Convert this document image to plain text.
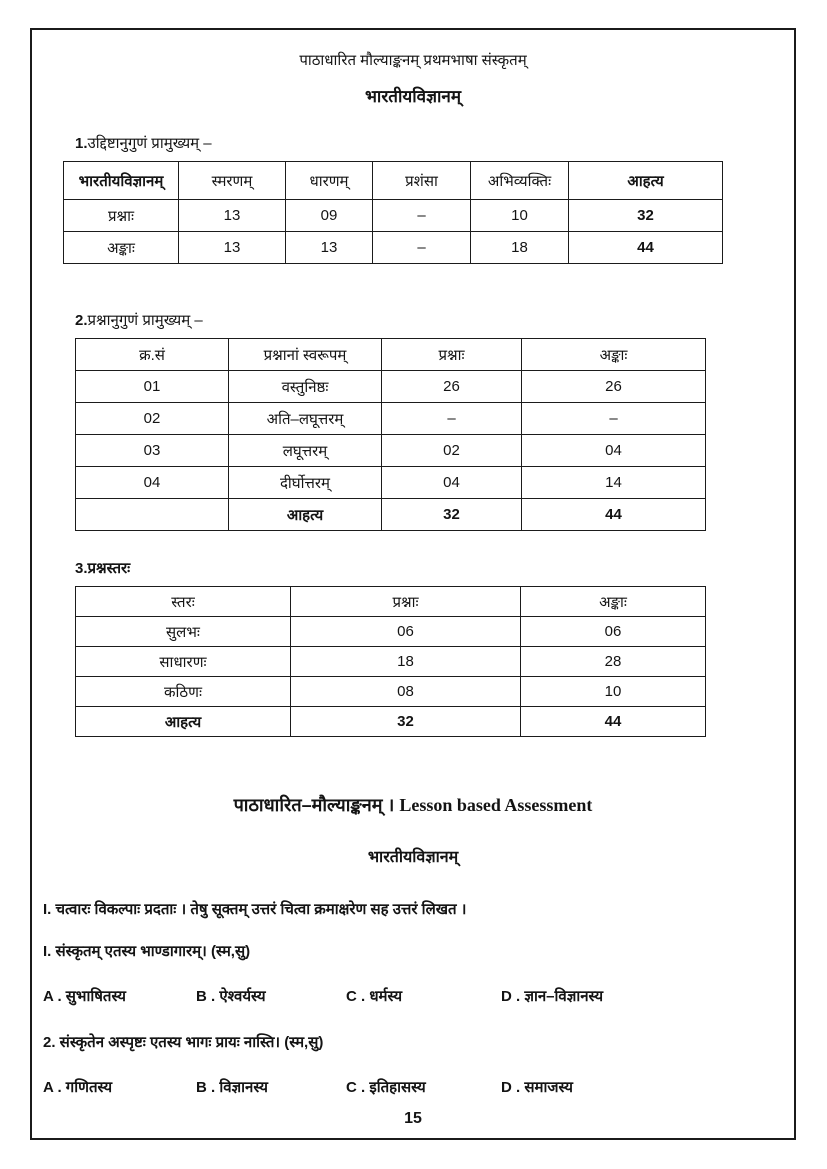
पाठाधारित मौल्याङ्कनम् प्रथमभाषा संस्कृतम्
भारतीयविज्ञानम्
1.उद्दिष्टानुगुणं प्रामुख्यम् –
भारतीयविज्ञानम्	स्मरणम्	धारणम्	प्रशंसा	अभिव्यक्तिः	आहत्य
प्रश्नाः	13	09	–	10	32
अङ्काः	13	13	–	18	44
2.प्रश्नानुगुणं प्रामुख्यम् –
क्र.सं	प्रश्नानां स्वरूपम्	प्रश्नाः	अङ्काः
01	वस्तुनिष्ठः	26	26
02	अति–लघूत्तरम्	–	–
03	लघूत्तरम्	02	04
04	दीर्घोत्तरम्	04	14
	आहत्य	32	44
3.प्रश्नस्तरः
स्तरः	प्रश्नाः	अङ्काः
सुलभः	06	06
साधारणः	18	28
कठिणः	08	10
आहत्य	32	44
पाठाधारित–मौल्याङ्कनम् । Lesson based Assessment
भारतीयविज्ञानम्
I. चत्वारः विकल्पाः प्रदताः । तेषु सूक्तम् उत्तरं चित्वा क्रमाक्षरेण सह उत्तरं लिखत ।
I. संस्कृतम् एतस्य भाण्डागारम्। (स्म,सु)
A . सुभाषितस्य	B . ऐश्वर्यस्य	C . धर्मस्य	D . ज्ञान–विज्ञानस्य
2. संस्कृतेन अस्पृष्टः एतस्य भागः प्रायः नास्ति। (स्म,सु)
A . गणितस्य	B . विज्ञानस्य	C . इतिहासस्य	D . समाजस्य
15
